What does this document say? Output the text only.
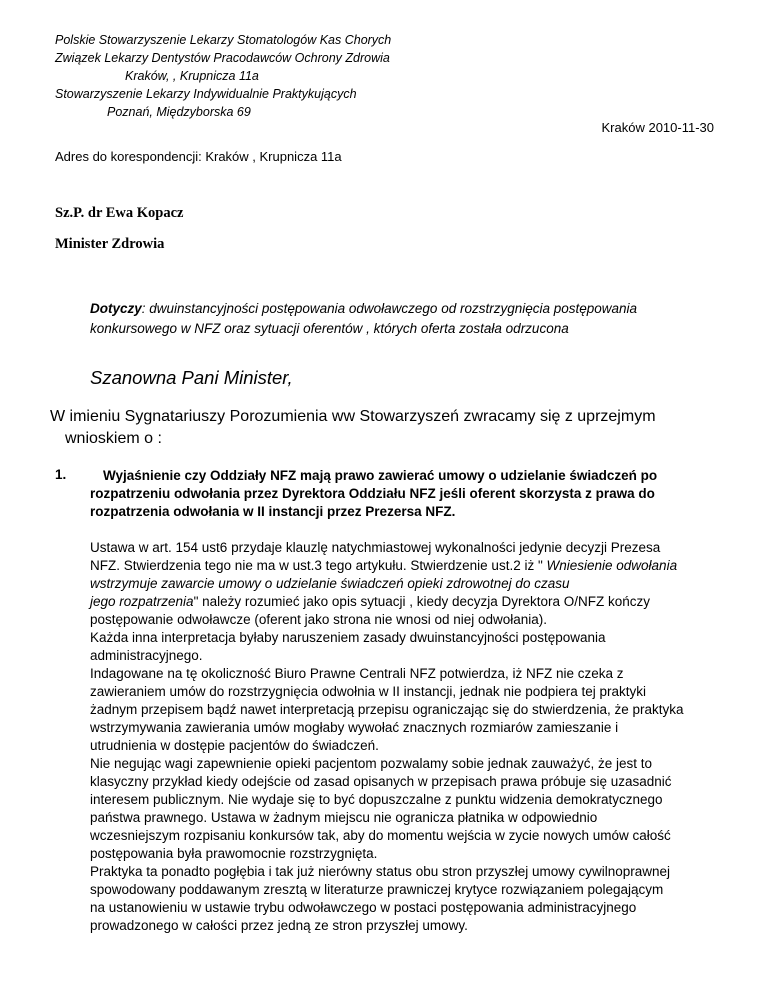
Polskie Stowarzyszenie Lekarzy Stomatologów Kas Chorych
Związek Lekarzy Dentystów Pracodawców Ochrony Zdrowia
Kraków, , Krupnicza 11a
Stowarzyszenie Lekarzy Indywidualnie Praktykujących
Poznań, Międzyborska 69
Kraków 2010-11-30
Adres do korespondencji: Kraków , Krupnicza 11a
Sz.P. dr Ewa Kopacz
Minister Zdrowia
Dotyczy: dwuinstancyjności postępowania odwoławczego od rozstrzygnięcia postępowania
konkursowego w NFZ oraz sytuacji oferentów , których oferta została odrzucona
Szanowna Pani Minister,
W imieniu Sygnatariuszy Porozumienia ww Stowarzyszeń zwracamy się z uprzejmym
wnioskiem o :
1.	Wyjaśnienie czy Oddziały NFZ mają prawo zawierać umowy o udzielanie świadczeń po
rozpatrzeniu odwołania przez Dyrektora Oddziału NFZ jeśli oferent skorzysta z prawa do
rozpatrzenia odwołania w II instancji przez Prezersa NFZ.

Ustawa w art. 154 ust6 przydaje klauzlę natychmiastowej wykonalności jedynie decyzji Prezesa

NFZ. Stwierdzenia tego nie ma w ust.3 tego artykułu. Stwierdzenie ust.2 iż " Wniesienie odwołania

wstrzymuje zawarcie umowy o udzielanie świadczeń opieki zdrowotnej do czasu

jego rozpatrzenia" należy rozumieć jako opis sytuacji , kiedy decyzja Dyrektora O/NFZ kończy

postępowanie odwoławcze (oferent jako strona nie wnosi od niej odwołania).

Każda inna interpretacja byłaby naruszeniem zasady dwuinstancyjności postępowania

administracyjnego.

Indagowane na tę okoliczność Biuro Prawne Centrali NFZ potwierdza, iż NFZ nie czeka z

zawieraniem umów do rozstrzygnięcia odwołnia w II instancji, jednak nie podpiera tej praktyki

żadnym przepisem bądź nawet interpretacją przepisu ograniczając się do stwierdzenia, że praktyka

wstrzymywania zawierania umów mogłaby wywołać znacznych rozmiarów zamieszanie i

utrudnienia w dostępie pacjentów do świadczeń.

Nie negując wagi zapewnienie opieki pacjentom pozwalamy sobie jednak zauważyć, że jest to

klasyczny przykład kiedy odejście od zasad opisanych w przepisach prawa próbuje się uzasadnić

interesem publicznym. Nie wydaje się to być dopuszczalne z punktu widzenia demokratycznego

państwa prawnego. Ustawa w żadnym miejscu nie ogranicza płatnika w odpowiednio

wczesniejszym rozpisaniu konkursów tak, aby do momentu wejścia w zycie nowych umów całość

postępowania była prawomocnie rozstrzygnięta.

Praktyka ta ponadto pogłębia i tak już nierówny status obu stron przyszłej umowy cywilnoprawnej

spowodowany poddawanym zresztą w literaturze prawniczej krytyce rozwiązaniem polegającym

na ustanowieniu w ustawie trybu odwoławczego w postaci postępowania administracyjnego

prowadzonego w całości przez jedną ze stron przyszłej umowy.
